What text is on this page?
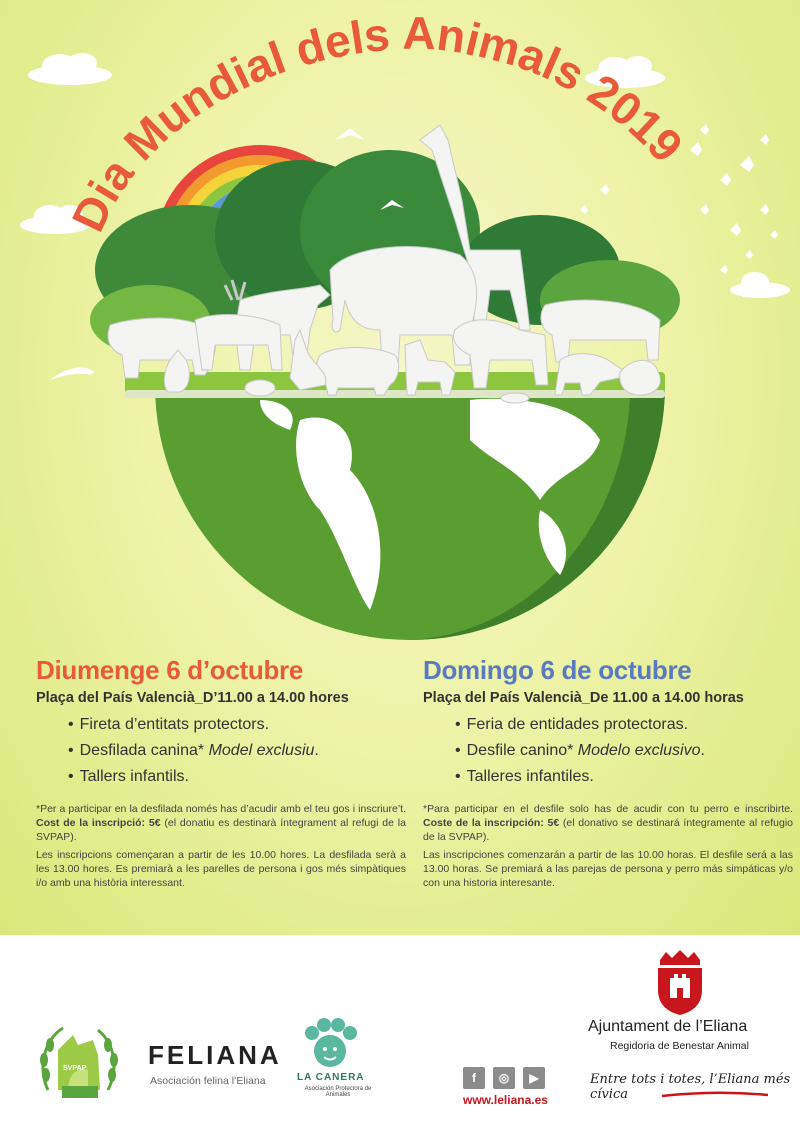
Dia Mundial dels Animals 2019
Diumenge 6 d’octubre
Plaça del País Valencià_D’11.00 a 14.00 hores
• Fireta d’entitats protectors.
• Desfilada canina* Model exclusiu.
• Tallers infantils.

*Per a participar en la desfilada només has d’acudir amb el teu gos i inscriure’t. Cost de la inscripció: 5€ (el donatiu es destinarà íntegrament al refugi de la SVPAP).

Les inscripcions començaran a partir de les 10.00 hores. La desfilada serà a les 13.00 hores. Es premiarà a les parelles de persona i gos més simpàtiques i/o amb una història interessant.

Domingo 6 de octubre
Plaça del País Valencià_De 11.00 a 14.00 horas
• Feria de entidades protectoras.
• Desfile canino* Modelo exclusivo.
• Talleres infantiles.

*Para participar en el desfile solo has de acudir con tu perro e inscribirte. Coste de la inscripción: 5€ (el donativo se destinará íntegramente al refugio de la SVPAP).

Las inscripciones comenzarán a partir de las 10.00 horas. El desfile será a las 13.00 horas. Se premiará a las parejas de persona y perro más simpáticas y/o con una historia interesante.

SVPAP FELIANA
Asociación felina l’Eliana	LA CANERA
Asociación Protectora de Animales
f	◎	▶
www.leliana.es
Ajuntament de l’Eliana
Regidoria de Benestar Animal
Entre tots i totes, l’Eliana més cívica
